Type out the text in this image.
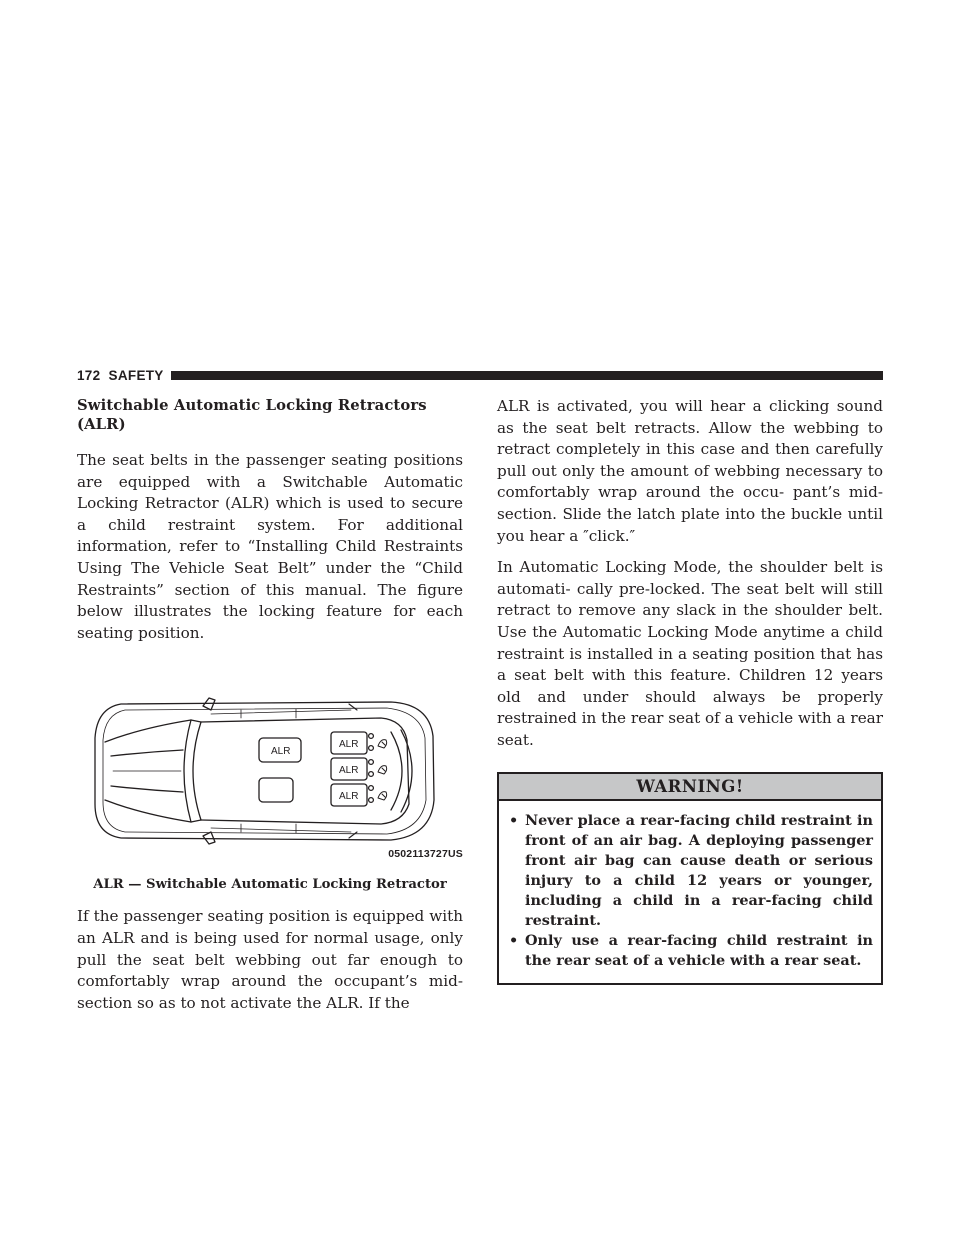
172 SAFETY
Switchable Automatic Locking Retractors (ALR)

The seat belts in the passenger seating positions are equipped with a Switchable Automatic Locking Retractor (ALR) which is used to secure a child restraint system. For additional information, refer to “Installing Child Restraints Using The Vehicle Seat Belt” under the “Child Restraints” section of this manual. The figure below illustrates the locking feature for each seating position.

ALR
ALR
ALR
ALR
0502113727US
ALR — Switchable Automatic Locking Retractor

If the passenger seating position is equipped with an ALR and is being used for normal usage, only pull the seat belt webbing out far enough to comfortably wrap around the occupant’s mid-section so as to not activate the ALR. If the

ALR is activated, you will hear a clicking sound as the seat belt retracts. Allow the webbing to retract completely in this case and then carefully pull out only the amount of webbing necessary to comfortably wrap around the occu- pant’s mid-section. Slide the latch plate into the buckle until you hear a ″click.″

In Automatic Locking Mode, the shoulder belt is automati- cally pre-locked. The seat belt will still retract to remove any slack in the shoulder belt. Use the Automatic Locking Mode anytime a child restraint is installed in a seating position that has a seat belt with this feature. Children 12 years old and under should always be properly restrained in the rear seat of a vehicle with a rear seat.

WARNING!
• Never place a rear-facing child restraint in front of an air bag. A deploying passenger front air bag can cause death or serious injury to a child 12 years or younger, including a child in a rear-facing child restraint.
• Only use a rear-facing child restraint in the rear seat of a vehicle with a rear seat.
